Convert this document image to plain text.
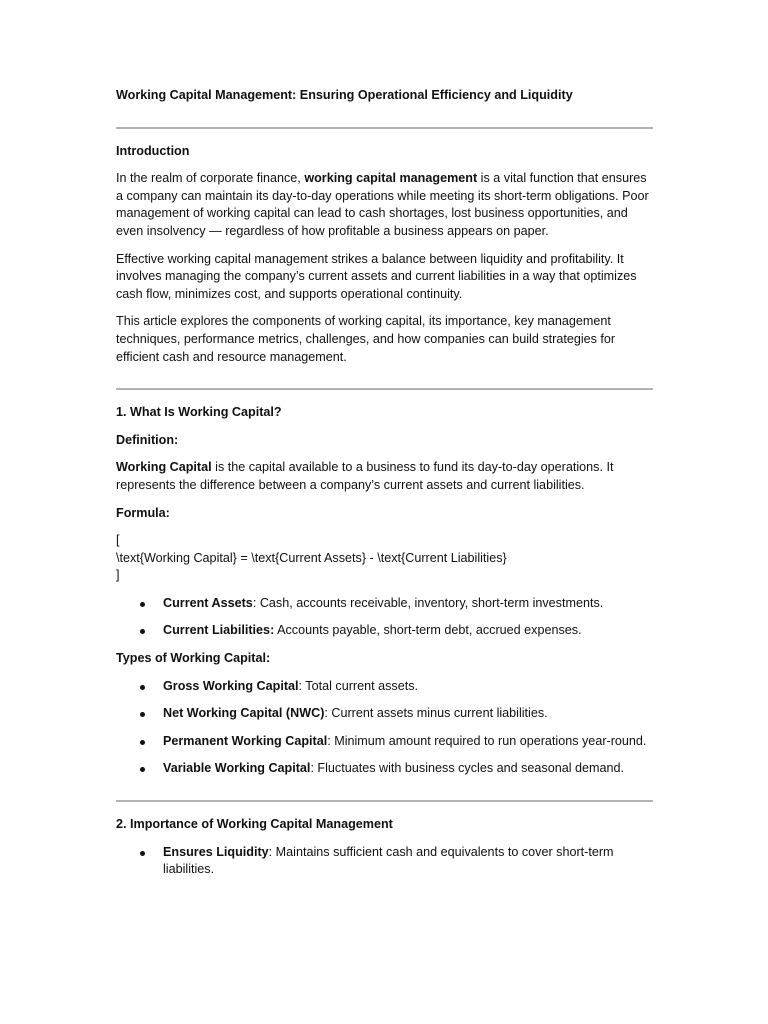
Working Capital Management: Ensuring Operational Efficiency and Liquidity

Introduction

In the realm of corporate finance, working capital management is a vital function that ensures a company can maintain its day-to-day operations while meeting its short-term obligations. Poor management of working capital can lead to cash shortages, lost business opportunities, and even insolvency — regardless of how profitable a business appears on paper.

Effective working capital management strikes a balance between liquidity and profitability. It involves managing the company’s current assets and current liabilities in a way that optimizes cash flow, minimizes cost, and supports operational continuity.

This article explores the components of working capital, its importance, key management techniques, performance metrics, challenges, and how companies can build strategies for efficient cash and resource management.

1. What Is Working Capital?

Definition:

Working Capital is the capital available to a business to fund its day-to-day operations. It represents the difference between a company’s current assets and current liabilities.

Formula:

[

\text{Working Capital} = \text{Current Assets} - \text{Current Liabilities}

]

Current Assets: Cash, accounts receivable, inventory, short-term investments.
Current Liabilities: Accounts payable, short-term debt, accrued expenses.

Types of Working Capital:

Gross Working Capital: Total current assets.
Net Working Capital (NWC): Current assets minus current liabilities.
Permanent Working Capital: Minimum amount required to run operations year-round.
Variable Working Capital: Fluctuates with business cycles and seasonal demand.

2. Importance of Working Capital Management

Ensures Liquidity: Maintains sufficient cash and equivalents to cover short-term liabilities.
